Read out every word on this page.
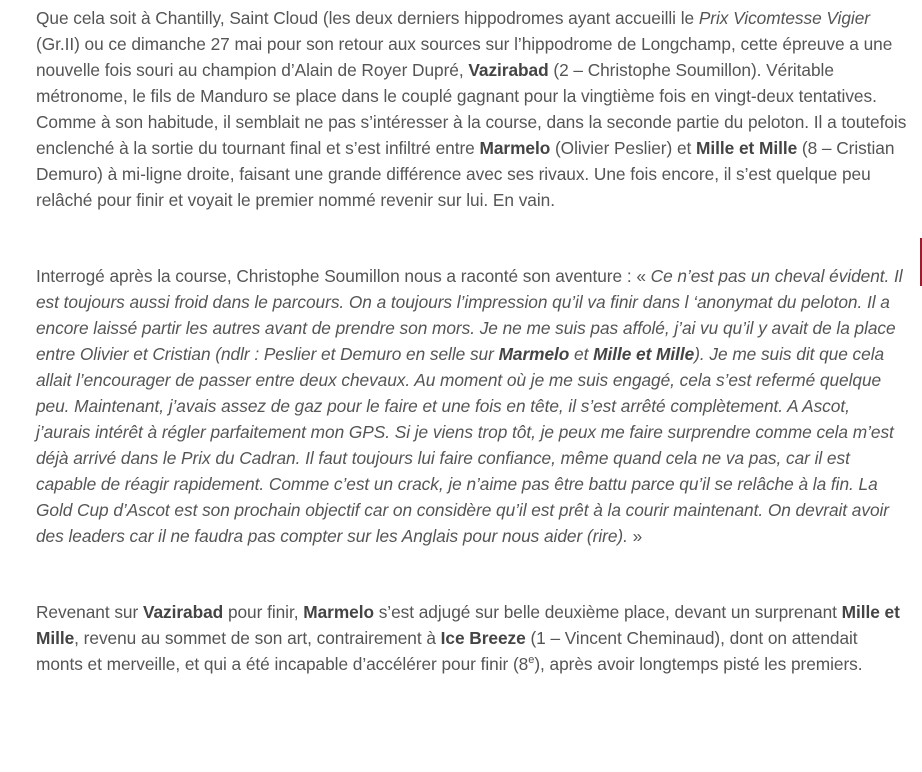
Que cela soit à Chantilly, Saint Cloud (les deux derniers hippodromes ayant accueilli le Prix Vicomtesse Vigier (Gr.II) ou ce dimanche 27 mai pour son retour aux sources sur l’hippodrome de Longchamp, cette épreuve a une nouvelle fois souri au champion d’Alain de Royer Dupré, Vazirabad (2 – Christophe Soumillon). Véritable métronome, le fils de Manduro se place dans le couplé gagnant pour la vingtième fois en vingt-deux tentatives. Comme à son habitude, il semblait ne pas s’intéresser à la course, dans la seconde partie du peloton. Il a toutefois enclenché à la sortie du tournant final et s’est infiltré entre Marmelo (Olivier Peslier) et Mille et Mille (8 – Cristian Demuro) à mi-ligne droite, faisant une grande différence avec ses rivaux. Une fois encore, il s’est quelque peu relâché pour finir et voyait le premier nommé revenir sur lui. En vain.

Interrogé après la course, Christophe Soumillon nous a raconté son aventure : « Ce n’est pas un cheval évident. Il est toujours aussi froid dans le parcours. On a toujours l’impression qu’il va finir dans l ‘anonymat du peloton. Il a encore laissé partir les autres avant de prendre son mors. Je ne me suis pas affolé, j’ai vu qu’il y avait de la place entre Olivier et Cristian (ndlr : Peslier et Demuro en selle sur Marmelo et Mille et Mille). Je me suis dit que cela allait l’encourager de passer entre deux chevaux. Au moment où je me suis engagé, cela s’est refermé quelque peu. Maintenant, j’avais assez de gaz pour le faire et une fois en tête, il s’est arrêté complètement. A Ascot, j’aurais intérêt à régler parfaitement mon GPS. Si je viens trop tôt, je peux me faire surprendre comme cela m’est déjà arrivé dans le Prix du Cadran. Il faut toujours lui faire confiance, même quand cela ne va pas, car il est capable de réagir rapidement. Comme c’est un crack, je n’aime pas être battu parce qu’il se relâche à la fin. La Gold Cup d’Ascot est son prochain objectif car on considère qu’il est prêt à la courir maintenant. On devrait avoir des leaders car il ne faudra pas compter sur les Anglais pour nous aider (rire). »

Revenant sur Vazirabad pour finir, Marmelo s’est adjugé sur belle deuxième place, devant un surprenant Mille et Mille, revenu au sommet de son art, contrairement à Ice Breeze (1 – Vincent Cheminaud), dont on attendait monts et merveille, et qui a été incapable d’accélérer pour finir (8e), après avoir longtemps pisté les premiers.
